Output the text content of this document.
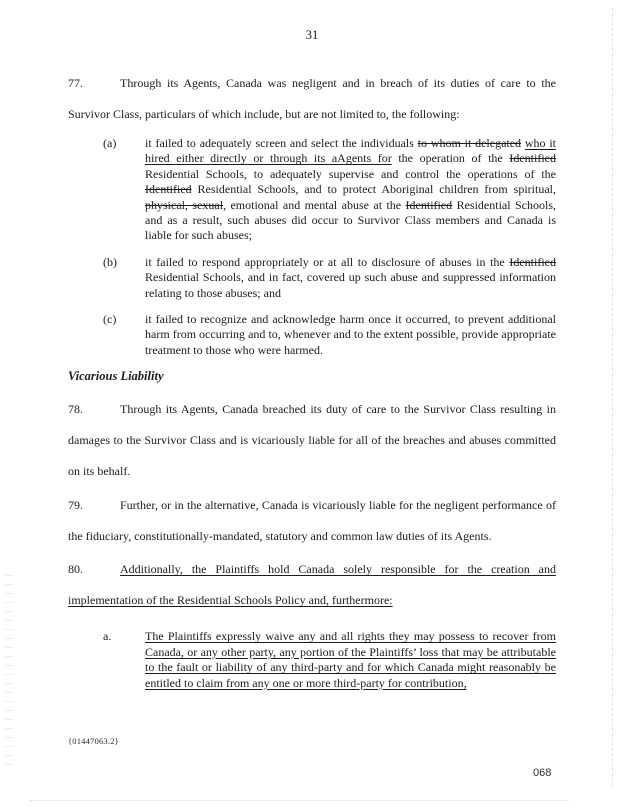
31
77.	Through its Agents, Canada was negligent and in breach of its duties of care to the Survivor Class, particulars of which include, but are not limited to, the following:
(a)	it failed to adequately screen and select the individuals to whom it delegated who it hired either directly or through its aAgents for the operation of the Identified Residential Schools, to adequately supervise and control the operations of the Identified Residential Schools, and to protect Aboriginal children from spiritual, physical, sexual, emotional and mental abuse at the Identified Residential Schools, and as a result, such abuses did occur to Survivor Class members and Canada is liable for such abuses;
(b)	it failed to respond appropriately or at all to disclosure of abuses in the Identified Residential Schools, and in fact, covered up such abuse and suppressed information relating to those abuses; and
(c)	it failed to recognize and acknowledge harm once it occurred, to prevent additional harm from occurring and to, whenever and to the extent possible, provide appropriate treatment to those who were harmed.
Vicarious Liability
78.	Through its Agents, Canada breached its duty of care to the Survivor Class resulting in damages to the Survivor Class and is vicariously liable for all of the breaches and abuses committed on its behalf.
79.	Further, or in the alternative, Canada is vicariously liable for the negligent performance of the fiduciary, constitutionally-mandated, statutory and common law duties of its Agents.
80.	Additionally, the Plaintiffs hold Canada solely responsible for the creation and implementation of the Residential Schools Policy and, furthermore:
a.	The Plaintiffs expressly waive any and all rights they may possess to recover from Canada, or any other party, any portion of the Plaintiffs’ loss that may be attributable to the fault or liability of any third-party and for which Canada might reasonably be entitled to claim from any one or more third-party for contribution,
{01447063.2}
068
